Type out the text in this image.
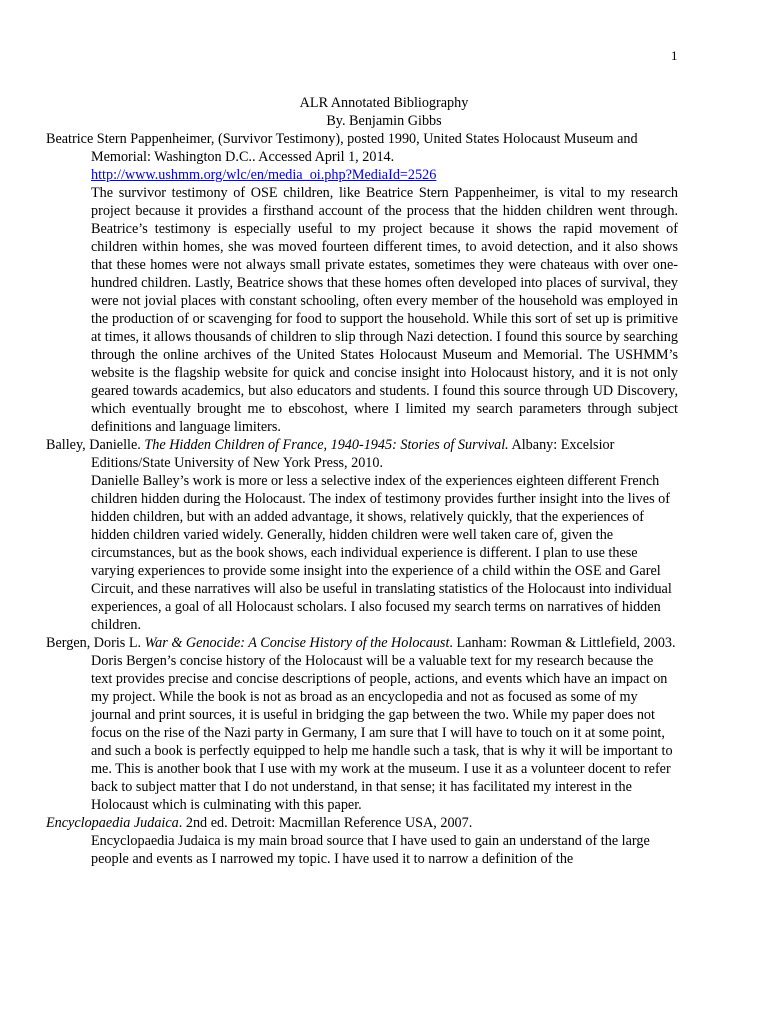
1
ALR Annotated Bibliography
By. Benjamin Gibbs
Beatrice Stern Pappenheimer, (Survivor Testimony), posted 1990, United States Holocaust Museum and Memorial: Washington D.C.. Accessed April 1, 2014.
http://www.ushmm.org/wlc/en/media_oi.php?MediaId=2526
The survivor testimony of OSE children, like Beatrice Stern Pappenheimer, is vital to my research project because it provides a firsthand account of the process that the hidden children went through. Beatrice’s testimony is especially useful to my project because it shows the rapid movement of children within homes, she was moved fourteen different times, to avoid detection, and it also shows that these homes were not always small private estates, sometimes they were chateaus with over one-hundred children. Lastly, Beatrice shows that these homes often developed into places of survival, they were not jovial places with constant schooling, often every member of the household was employed in the production of or scavenging for food to support the household. While this sort of set up is primitive at times, it allows thousands of children to slip through Nazi detection. I found this source by searching through the online archives of the United States Holocaust Museum and Memorial. The USHMM’s website is the flagship website for quick and concise insight into Holocaust history, and it is not only geared towards academics, but also educators and students. I found this source through UD Discovery, which eventually brought me to ebscohost, where I limited my search parameters through subject definitions and language limiters.
Balley, Danielle. The Hidden Children of France, 1940-1945: Stories of Survival. Albany: Excelsior Editions/State University of New York Press, 2010.
Danielle Balley’s work is more or less a selective index of the experiences eighteen different French children hidden during the Holocaust. The index of testimony provides further insight into the lives of hidden children, but with an added advantage, it shows, relatively quickly, that the experiences of hidden children varied widely. Generally, hidden children were well taken care of, given the circumstances, but as the book shows, each individual experience is different. I plan to use these varying experiences to provide some insight into the experience of a child within the OSE and Garel Circuit, and these narratives will also be useful in translating statistics of the Holocaust into individual experiences, a goal of all Holocaust scholars. I also focused my search terms on narratives of hidden children.
Bergen, Doris L. War & Genocide: A Concise History of the Holocaust. Lanham: Rowman & Littlefield, 2003.
Doris Bergen’s concise history of the Holocaust will be a valuable text for my research because the text provides precise and concise descriptions of people, actions, and events which have an impact on my project. While the book is not as broad as an encyclopedia and not as focused as some of my journal and print sources, it is useful in bridging the gap between the two. While my paper does not focus on the rise of the Nazi party in Germany, I am sure that I will have to touch on it at some point, and such a book is perfectly equipped to help me handle such a task, that is why it will be important to me. This is another book that I use with my work at the museum. I use it as a volunteer docent to refer back to subject matter that I do not understand, in that sense; it has facilitated my interest in the Holocaust which is culminating with this paper.
Encyclopaedia Judaica. 2nd ed. Detroit: Macmillan Reference USA, 2007.
Encyclopaedia Judaica is my main broad source that I have used to gain an understand of the large people and events as I narrowed my topic. I have used it to narrow a definition of the
